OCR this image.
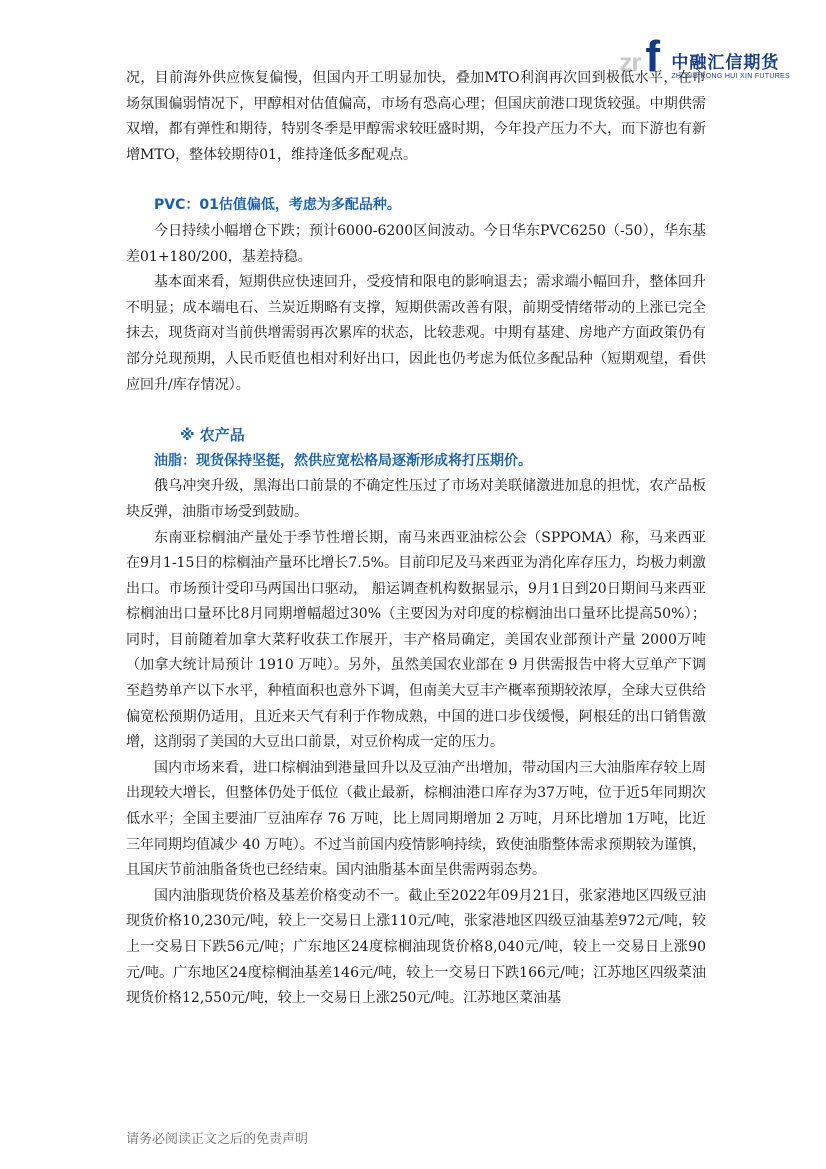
zr f 中融汇信期货
ZHONG RONG HUI XIN FUTURES

况，目前海外供应恢复偏慢，但国内开工明显加快，叠加MTO利润再次回到极低水平，在市场氛围偏弱情况下，甲醇相对估值偏高，市场有恐高心理；但国庆前港口现货较强。中期供需双増，都有弹性和期待，特别冬季是甲醇需求较旺盛时期，今年投产压力不大，而下游也有新增MTO，整体较期待01，维持逢低多配观点。

PVC：01估值偏低，考虑为多配品种。

今日持续小幅增仓下跌；预计6000-6200区间波动。今日华东PVC6250（-50），华东基差01+180/200，基差持稳。

基本面来看，短期供应快速回升，受疫情和限电的影响退去；需求端小幅回升，整体回升不明显；成本端电石、兰炭近期略有支撑，短期供需改善有限，前期受情绪带动的上涨已完全抹去，现货商对当前供增需弱再次累库的状态，比较悲观。中期有基建、房地产方面政策仍有部分兑现预期，人民币贬值也相对利好出口，因此也仍考虑为低位多配品种（短期观望，看供应回升/库存情况）。

※ 农产品

油脂：现货保持坚挺，然供应宽松格局逐渐形成将打压期价。

俄乌冲突升级，黑海出口前景的不确定性压过了市场对美联储激进加息的担忧，农产品板块反弹，油脂市场受到鼓励。

东南亚棕榈油产量处于季节性增长期，南马来西亚油棕公会（SPPOMA）称，马来西亚在9月1-15日的棕榈油产量环比增长7.5%。目前印尼及马来西亚为消化库存压力，均极力刺激出口。市场预计受印马两国出口驱动， 船运调查机构数据显示，9月1日到20日期间马来西亚棕榈油出口量环比8月同期增幅超过30%（主要因为对印度的棕榈油出口量环比提高50%）；同时，目前随着加拿大菜籽收获工作展开，丰产格局确定，美国农业部预计产量 2000万吨（加拿大统计局预计 1910 万吨）。另外，虽然美国农业部在 9 月供需报告中将大豆单产下调至趋势单产以下水平，种植面积也意外下调，但南美大豆丰产概率预期较浓厚，全球大豆供给偏宽松预期仍适用，且近来天气有利于作物成熟，中国的进口步伐缓慢，阿根廷的出口销售激增，这削弱了美国的大豆出口前景，对豆价构成一定的压力。

国内市场来看，进口棕榈油到港量回升以及豆油产出增加，带动国内三大油脂库存较上周出现较大增长，但整体仍处于低位（截止最新，棕榈油港口库存为37万吨，位于近5年同期次低水平；全国主要油厂豆油库存 76 万吨，比上周同期增加 2 万吨，月环比增加 1万吨，比近三年同期均值减少 40 万吨）。不过当前国内疫情影响持续，致使油脂整体需求预期较为谨慎，且国庆节前油脂备货也已经结束。国内油脂基本面呈供需两弱态势。

国内油脂现货价格及基差价格变动不一。截止至2022年09月21日，张家港地区四级豆油现货价格10,230元/吨，较上一交易日上涨110元/吨，张家港地区四级豆油基差972元/吨，较上一交易日下跌56元/吨；广东地区24度棕榈油现货价格8,040元/吨，较上一交易日上涨90元/吨。广东地区24度棕榈油基差146元/吨，较上一交易日下跌166元/吨；江苏地区四级菜油现货价格12,550元/吨，较上一交易日上涨250元/吨。江苏地区菜油基

请务必阅读正文之后的免责声明
